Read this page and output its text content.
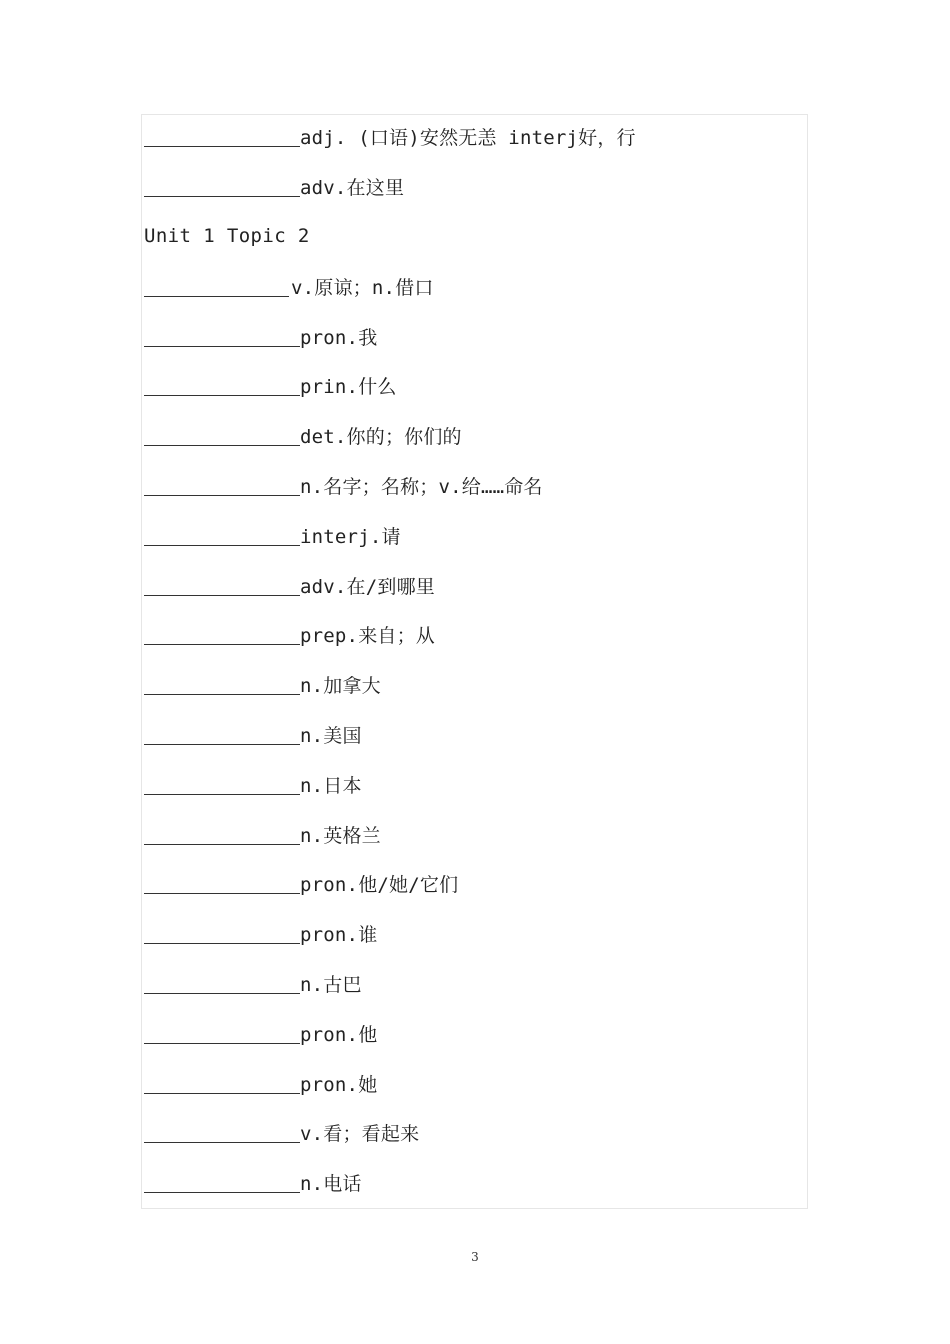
adj. (口语)安然无恙 interj好，行
adv.在这里
Unit 1 Topic 2
v.原谅；n.借口
pron.我
prin.什么
det.你的；你们的
n.名字；名称；v.给……命名
interj.请
adv.在/到哪里
prep.来自；从
n.加拿大
n.美国
n.日本
n.英格兰
pron.他/她/它们
pron.谁
n.古巴
pron.他
pron.她
v.看；看起来
n.电话
3
